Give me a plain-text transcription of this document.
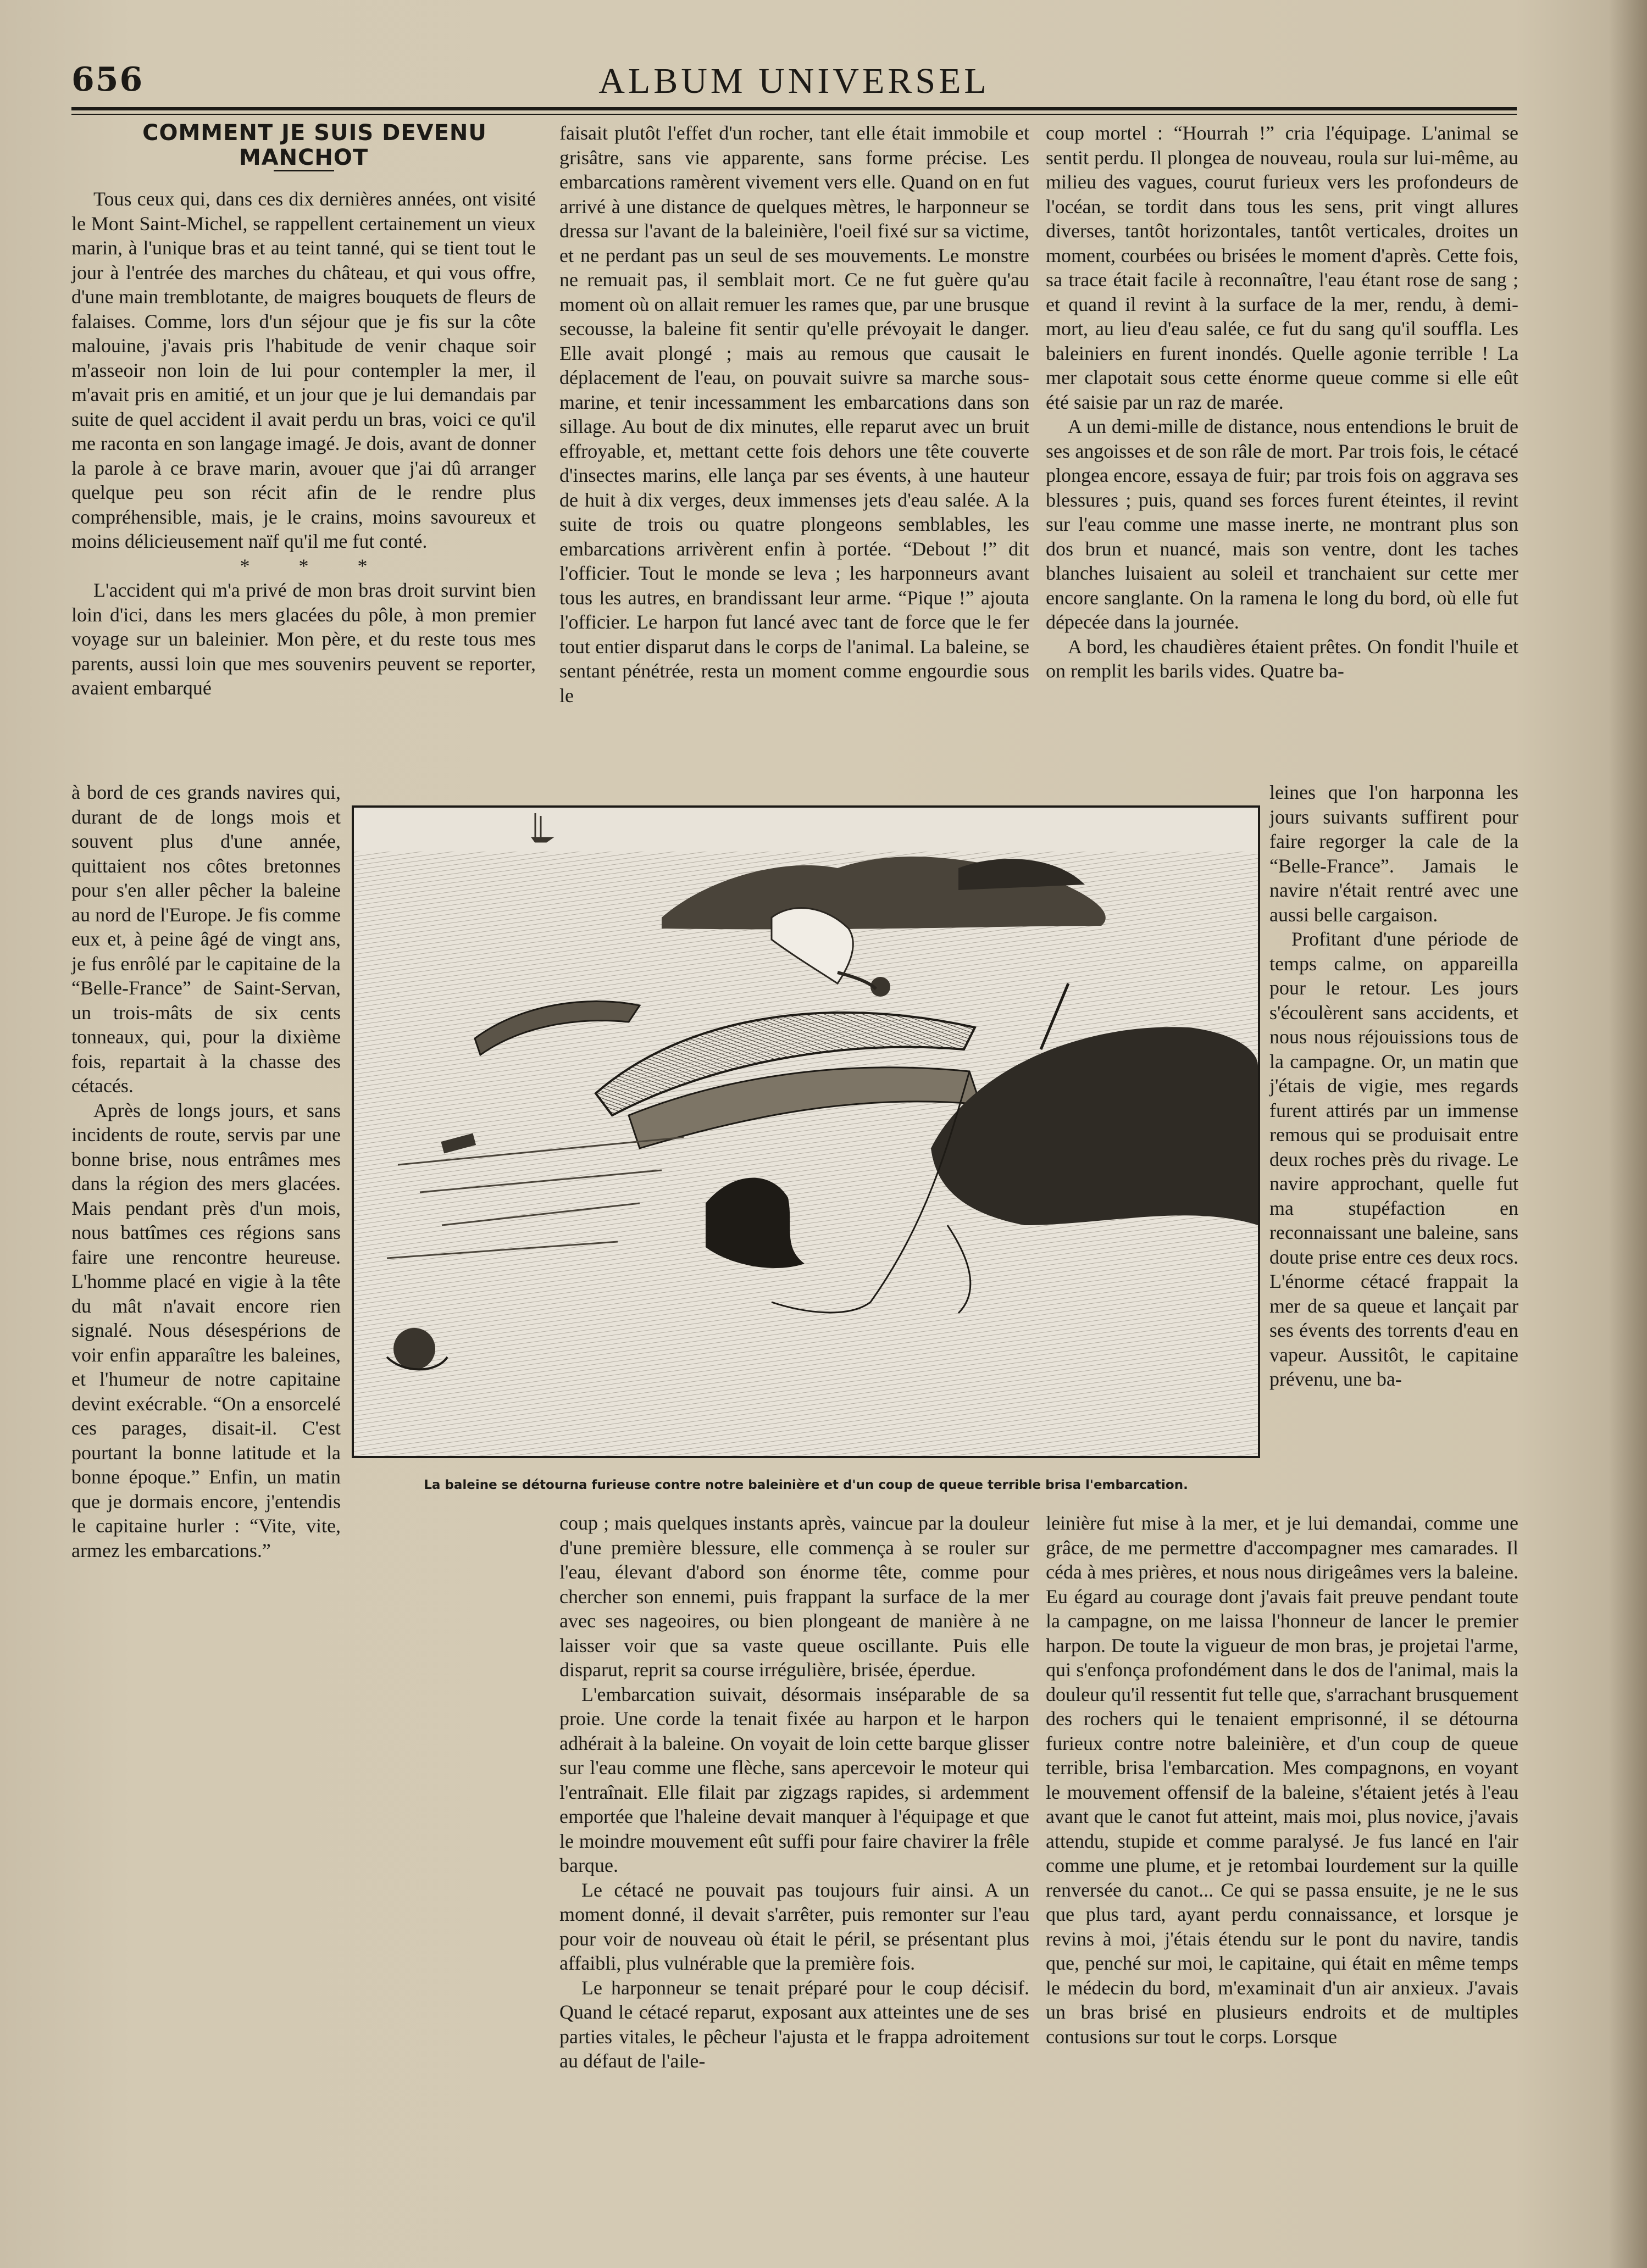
656	ALBUM UNIVERSEL

COMMENT JE SUIS DEVENU MANCHOT

Tous ceux qui, dans ces dix dernières années, ont visité le Mont Saint-Michel, se rappellent certainement un vieux marin, à l'unique bras et au teint tanné, qui se tient tout le jour à l'entrée des marches du château, et qui vous offre, d'une main tremblotante, de maigres bouquets de fleurs de falaises. Comme, lors d'un séjour que je fis sur la côte malouine, j'avais pris l'habitude de venir chaque soir m'asseoir non loin de lui pour contempler la mer, il m'avait pris en amitié, et un jour que je lui demandais par suite de quel accident il avait perdu un bras, voici ce qu'il me raconta en son langage imagé. Je dois, avant de donner la parole à ce brave marin, avouer que j'ai dû arranger quelque peu son récit afin de le rendre plus compréhensible, mais, je le crains, moins savoureux et moins délicieusement naïf qu'il me fut conté.

* * *

L'accident qui m'a privé de mon bras droit survint bien loin d'ici, dans les mers glacées du pôle, à mon premier voyage sur un baleinier. Mon père, et du reste tous mes parents, aussi loin que mes souvenirs peuvent se reporter, avaient embarqué

à bord de ces grands navires qui, durant de de longs mois et souvent plus d'une année, quittaient nos côtes bretonnes pour s'en aller pêcher la baleine au nord de l'Europe. Je fis comme eux et, à peine âgé de vingt ans, je fus enrôlé par le capitaine de la “Belle-France” de Saint-Servan, un trois-mâts de six cents tonneaux, qui, pour la dixième fois, repartait à la chasse des cétacés.

Après de longs jours, et sans incidents de route, servis par une bonne brise, nous entrâmes mes dans la région des mers glacées. Mais pendant près d'un mois, nous battîmes ces régions sans faire une rencontre heureuse. L'homme placé en vigie à la tête du mât n'avait encore rien signalé. Nous désespérions de voir enfin apparaître les baleines, et l'humeur de notre capitaine devint exécrable. “On a ensorcelé ces parages, disait-il. C'est pourtant la bonne latitude et la bonne époque.” Enfin, un matin que je dormais encore, j'entendis le capitaine hurler : “Vite, vite, armez les embarcations.”

faisait plutôt l'effet d'un rocher, tant elle était immobile et grisâtre, sans vie apparente, sans forme précise. Les embarcations ramèrent vivement vers elle. Quand on en fut arrivé à une distance de quelques mètres, le harponneur se dressa sur l'avant de la baleinière, l'oeil fixé sur sa victime, et ne perdant pas un seul de ses mouvements. Le monstre ne remuait pas, il semblait mort. Ce ne fut guère qu'au moment où on allait remuer les rames que, par une brusque secousse, la baleine fit sentir qu'elle prévoyait le danger. Elle avait plongé ; mais au remous que causait le déplacement de l'eau, on pouvait suivre sa marche sous-marine, et tenir incessamment les embarcations dans son sillage. Au bout de dix minutes, elle reparut avec un bruit effroyable, et, mettant cette fois dehors une tête couverte d'insectes marins, elle lança par ses évents, à une hauteur de huit à dix verges, deux immenses jets d'eau salée. A la suite de trois ou quatre plongeons semblables, les embarcations arrivèrent enfin à portée. “Debout !” dit l'officier. Tout le monde se leva ; les harponneurs avant tous les autres, en brandissant leur arme. “Pique !” ajouta l'officier. Le harpon fut lancé avec tant de force que le fer tout entier disparut dans le corps de l'animal. La baleine, se sentant pénétrée, resta un moment comme engourdie sous le

coup mortel : “Hourrah !” cria l'équipage. L'animal se sentit perdu. Il plongea de nouveau, roula sur lui-même, au milieu des vagues, courut furieux vers les profondeurs de l'océan, se tordit dans tous les sens, prit vingt allures diverses, tantôt horizontales, tantôt verticales, droites un moment, courbées ou brisées le moment d'après. Cette fois, sa trace était facile à reconnaître, l'eau étant rose de sang ; et quand il revint à la surface de la mer, rendu, à demi-mort, au lieu d'eau salée, ce fut du sang qu'il souffla. Les baleiniers en furent inondés. Quelle agonie terrible ! La mer clapotait sous cette énorme queue comme si elle eût été saisie par un raz de marée.

A un demi-mille de distance, nous entendions le bruit de ses angoisses et de son râle de mort. Par trois fois, le cétacé plongea encore, essaya de fuir; par trois fois on aggrava ses blessures ; puis, quand ses forces furent éteintes, il revint sur l'eau comme une masse inerte, ne montrant plus son dos brun et nuancé, mais son ventre, dont les taches blanches luisaient au soleil et tranchaient sur cette mer encore sanglante. On la ramena le long du bord, où elle fut dépecée dans la journée.

A bord, les chaudières étaient prêtes. On fondit l'huile et on remplit les barils vides. Quatre ba-

leines que l'on harponna les jours suivants suffirent pour faire regorger la cale de la “Belle-France”. Jamais le navire n'était rentré avec une aussi belle cargaison.

Profitant d'une période de temps calme, on appareilla pour le retour. Les jours s'écoulèrent sans accidents, et nous nous réjouissions tous de la campagne. Or, un matin que j'étais de vigie, mes regards furent attirés par un immense remous qui se produisait entre deux roches près du rivage. Le navire approchant, quelle fut ma stupéfaction en reconnaissant une baleine, sans doute prise entre ces deux rocs. L'énorme cétacé frappait la mer de sa queue et lançait par ses évents des torrents d'eau en vapeur. Aussitôt, le capitaine prévenu, une ba-

La baleine se détourna furieuse contre notre baleinière et d'un coup de queue terrible brisa l'embarcation.

coup ; mais quelques instants après, vaincue par la douleur d'une première blessure, elle commença à se rouler sur l'eau, élevant d'abord son énorme tête, comme pour chercher son ennemi, puis frappant la surface de la mer avec ses nageoires, ou bien plongeant de manière à ne laisser voir que sa vaste queue oscillante. Puis elle disparut, reprit sa course irrégulière, brisée, éperdue.

L'embarcation suivait, désormais inséparable de sa proie. Une corde la tenait fixée au harpon et le harpon adhérait à la baleine. On voyait de loin cette barque glisser sur l'eau comme une flèche, sans apercevoir le moteur qui l'entraînait. Elle filait par zigzags rapides, si ardemment emportée que l'haleine devait manquer à l'équipage et que le moindre mouvement eût suffi pour faire chavirer la frêle barque.

Le cétacé ne pouvait pas toujours fuir ainsi. A un moment donné, il devait s'arrêter, puis remonter sur l'eau pour voir de nouveau où était le péril, se présentant plus affaibli, plus vulnérable que la première fois.

Le harponneur se tenait préparé pour le coup décisif. Quand le cétacé reparut, exposant aux atteintes une de ses parties vitales, le pêcheur l'ajusta et le frappa adroitement au défaut de l'aile-

leinière fut mise à la mer, et je lui demandai, comme une grâce, de me permettre d'accompagner mes camarades. Il céda à mes prières, et nous nous dirigeâmes vers la baleine. Eu égard au courage dont j'avais fait preuve pendant toute la campagne, on me laissa l'honneur de lancer le premier harpon. De toute la vigueur de mon bras, je projetai l'arme, qui s'enfonça profondément dans le dos de l'animal, mais la douleur qu'il ressentit fut telle que, s'arrachant brusquement des rochers qui le tenaient emprisonné, il se détourna furieux contre notre baleinière, et d'un coup de queue terrible, brisa l'embarcation. Mes compagnons, en voyant le mouvement offensif de la baleine, s'étaient jetés à l'eau avant que le canot fut atteint, mais moi, plus novice, j'avais attendu, stupide et comme paralysé. Je fus lancé en l'air comme une plume, et je retombai lourdement sur la quille renversée du canot... Ce qui se passa ensuite, je ne le sus que plus tard, ayant perdu connaissance, et lorsque je revins à moi, j'étais étendu sur le pont du navire, tandis que, penché sur moi, le capitaine, qui était en même temps le médecin du bord, m'examinait d'un air anxieux. J'avais un bras brisé en plusieurs endroits et de multiples contusions sur tout le corps. Lorsque
